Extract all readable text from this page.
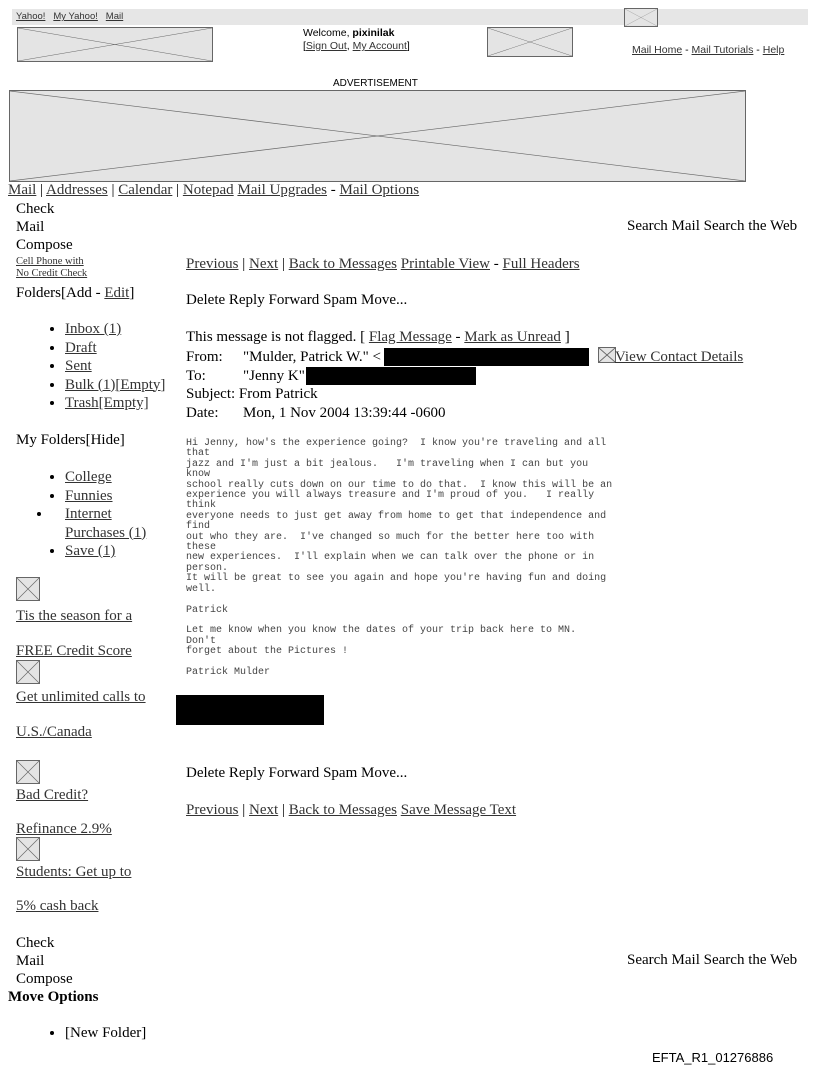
Yahoo! My Yahoo! Mail
Welcome, pixinilak
[Sign Out, My Account]	Mail Home - Mail Tutorials - Help
ADVERTISEMENT
Mail | Addresses | Calendar | Notepad Mail Upgrades - Mail Options
Check
Mail
Compose
Search Mail Search the Web
Cell Phone with
No Credit Check
Folders[Add - Edit]
• Inbox (1)
• Draft
• Sent
• Bulk (1)[Empty]
• Trash[Empty]
My Folders[Hide]
• College
• Funnies
• Internet Purchases (1)
• Save (1)
Tis the season for a
FREE Credit Score
Get unlimited calls to
U.S./Canada
Bad Credit?
Refinance 2.9%
Students: Get up to
5% cash back
Previous | Next | Back to Messages Printable View - Full Headers
Delete Reply Forward Spam Move...
This message is not flagged. [ Flag Message - Mark as Unread ]
From: "Mulder, Patrick W." <
To: "Jenny K"
Subject: From Patrick
Date: Mon, 1 Nov 2004 13:39:44 -0600
View Contact Details
Hi Jenny, how's the experience going?  I know you're traveling and all
that
jazz and I'm just a bit jealous.   I'm traveling when I can but you
know
school really cuts down on our time to do that.  I know this will be an
experience you will always treasure and I'm proud of you.   I really
think
everyone needs to just get away from home to get that independence and
find
out who they are.  I've changed so much for the better here too with
these
new experiences.  I'll explain when we can talk over the phone or in
person.
It will be great to see you again and hope you're having fun and doing
well.

Patrick

Let me know when you know the dates of your trip back here to MN.
Don't
forget about the Pictures !

Patrick Mulder
Delete Reply Forward Spam Move...
Previous | Next | Back to Messages Save Message Text
Check
Mail
Compose
Search Mail Search the Web
Move Options
• [New Folder]
EFTA_R1_01276886
